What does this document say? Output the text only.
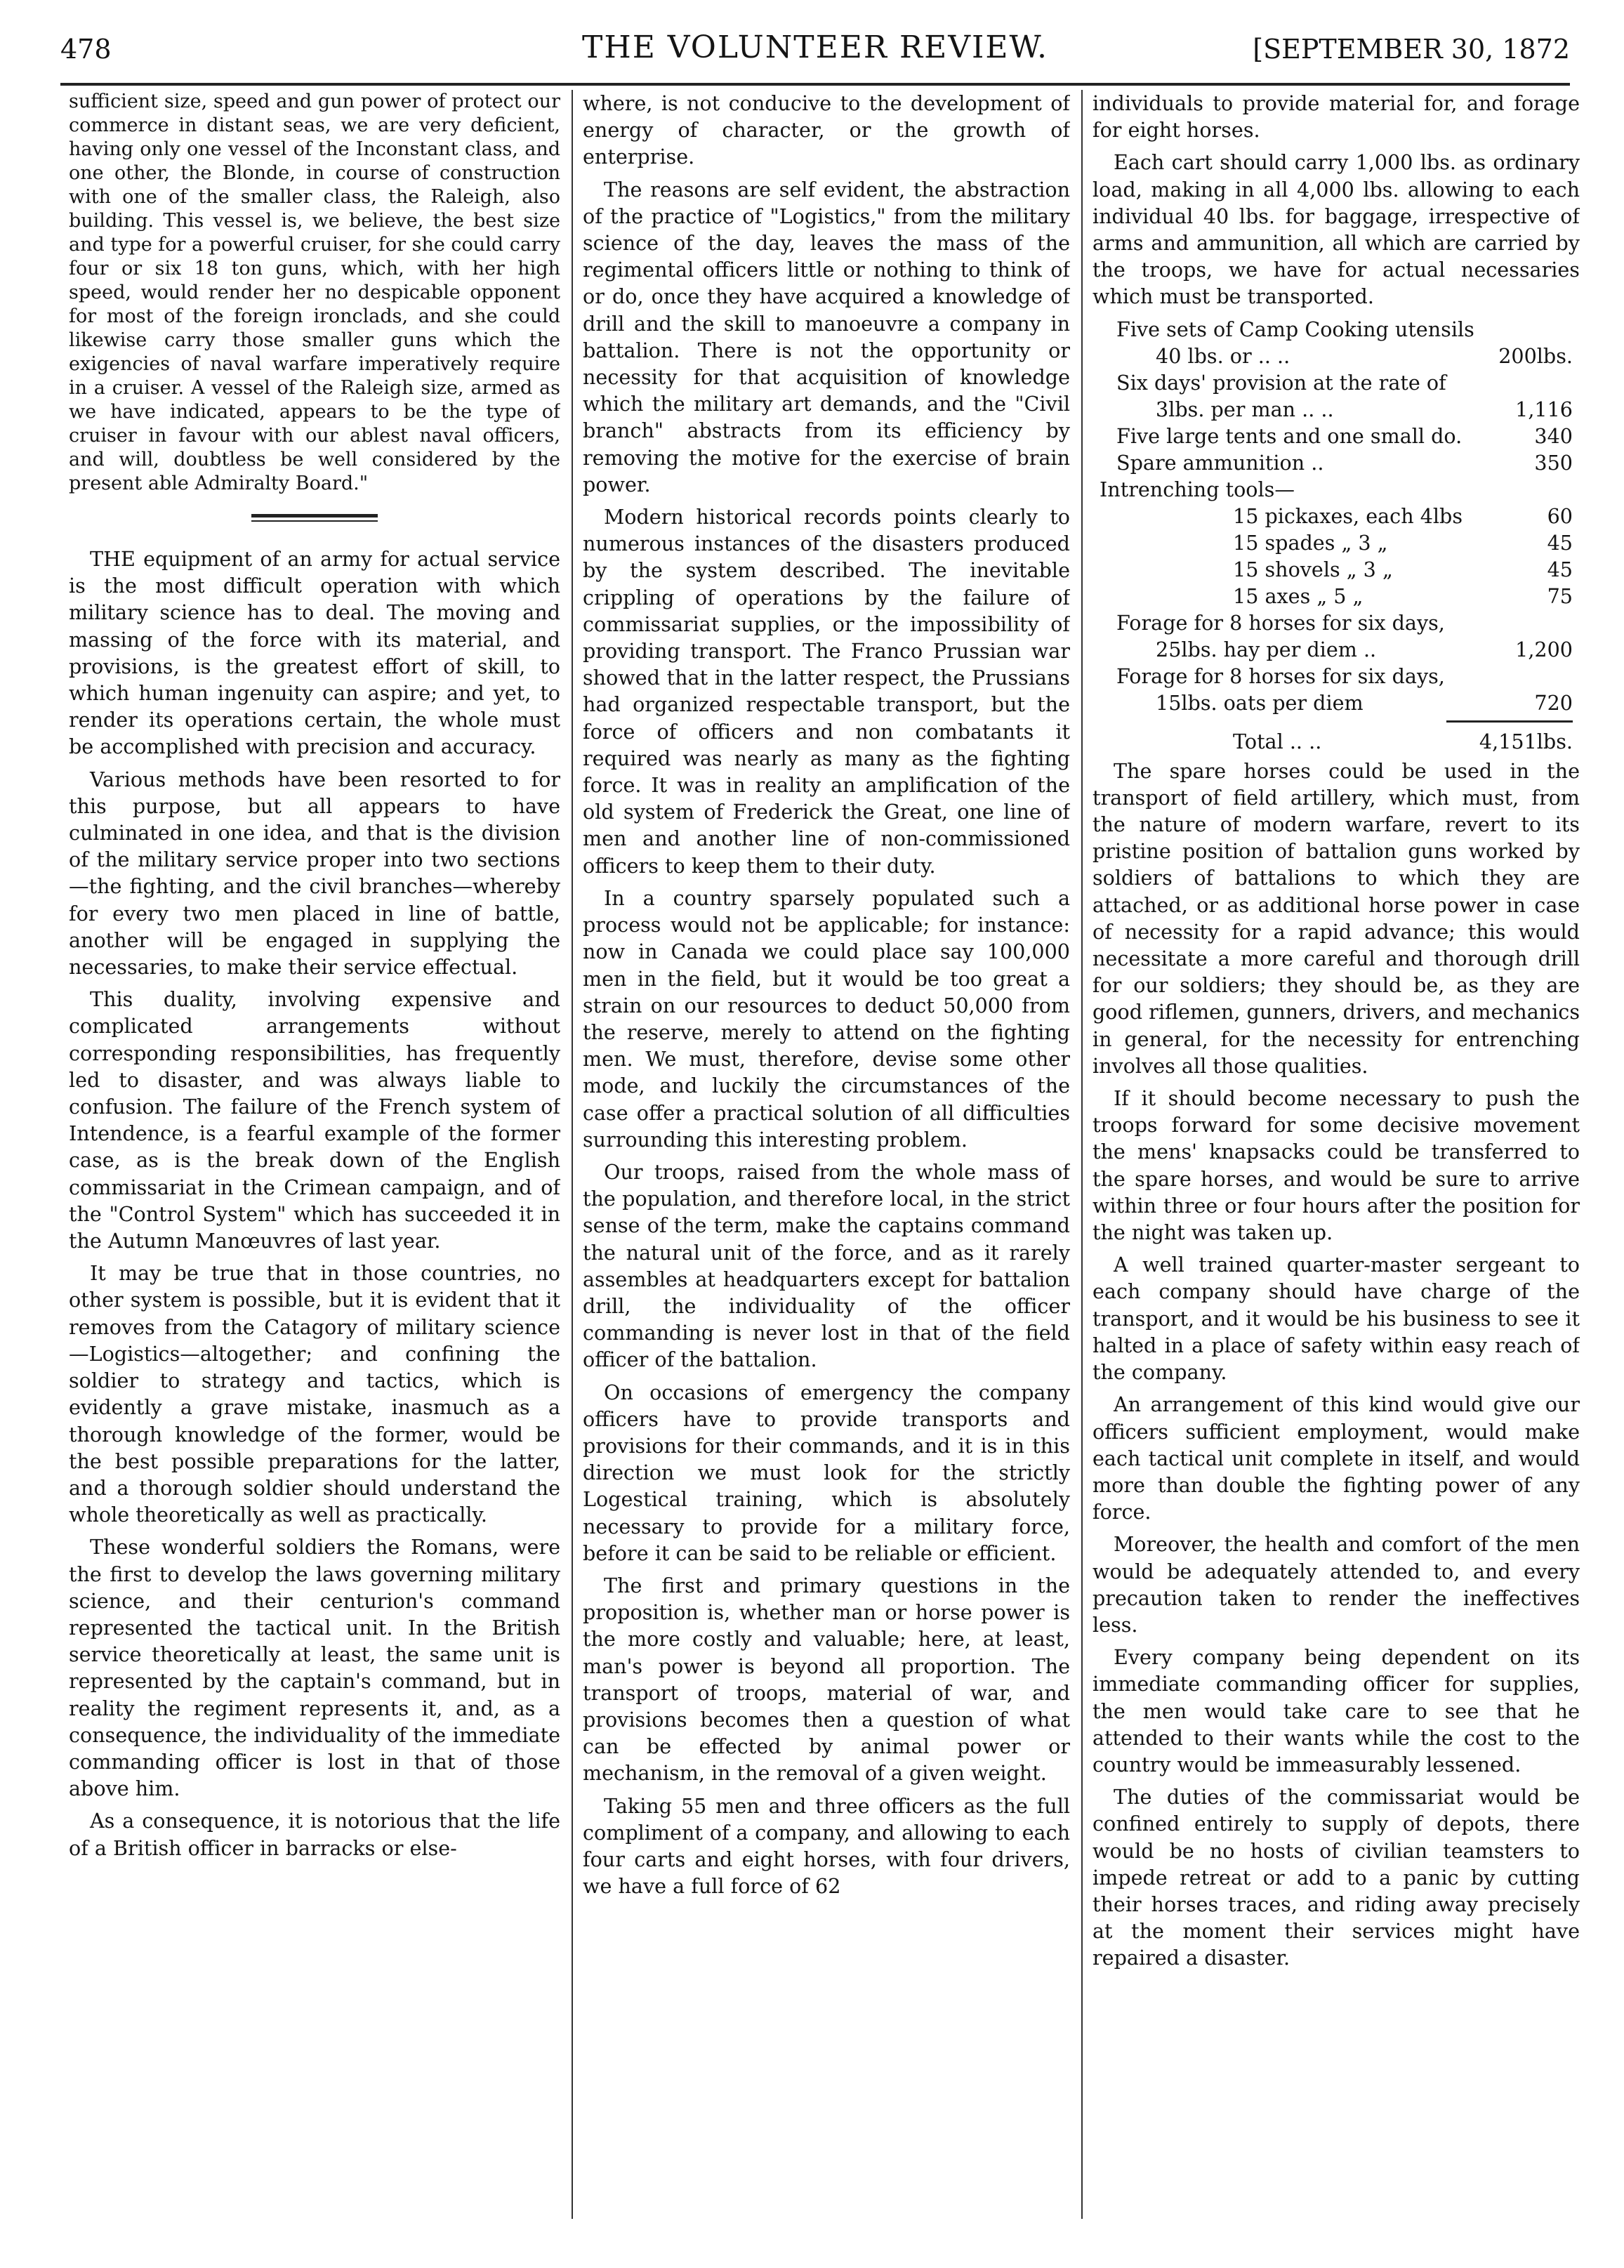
478	THE VOLUNTEER REVIEW.	[SEPTEMBER 30, 1872

sufficient size, speed and gun power of protect our commerce in distant seas, we are very deficient, having only one vessel of the Inconstant class, and one other, the Blonde, in course of construction with one of the smaller class, the Raleigh, also building. This vessel is, we believe, the best size and type for a powerful cruiser, for she could carry four or six 18 ton guns, which, with her high speed, would render her no despicable opponent for most of the foreign ironclads, and she could likewise carry those smaller guns which the exigencies of naval warfare imperatively require in a cruiser. A vessel of the Raleigh size, armed as we have indicated, appears to be the type of cruiser in favour with our ablest naval officers, and will, doubtless be well considered by the present able Admiralty Board."

THE equipment of an army for actual service is the most difficult operation with which military science has to deal. The moving and massing of the force with its material, and provisions, is the greatest effort of skill, to which human ingenuity can aspire; and yet, to render its operations certain, the whole must be accomplished with precision and accuracy.

Various methods have been resorted to for this purpose, but all appears to have culminated in one idea, and that is the division of the military service proper into two sections—the fighting, and the civil branches—whereby for every two men placed in line of battle, another will be engaged in supplying the necessaries, to make their service effectual.

This duality, involving expensive and complicated arrangements without corresponding responsibilities, has frequently led to disaster, and was always liable to confusion. The failure of the French system of Intendence, is a fearful example of the former case, as is the break down of the English commissariat in the Crimean campaign, and of the "Control System" which has succeeded it in the Autumn Manœuvres of last year.

It may be true that in those countries, no other system is possible, but it is evident that it removes from the Catagory of military science—Logistics—altogether; and confining the soldier to strategy and tactics, which is evidently a grave mistake, inasmuch as a thorough knowledge of the former, would be the best possible preparations for the latter, and a thorough soldier should understand the whole theoretically as well as practically.

These wonderful soldiers the Romans, were the first to develop the laws governing military science, and their centurion's command represented the tactical unit. In the British service theoretically at least, the same unit is represented by the captain's command, but in reality the regiment represents it, and, as a consequence, the individuality of the immediate commanding officer is lost in that of those above him.

As a consequence, it is notorious that the life of a British officer in barracks or else-

where, is not conducive to the development of energy of character, or the growth of enterprise.

The reasons are self evident, the abstraction of the practice of "Logistics," from the military science of the day, leaves the mass of the regimental officers little or nothing to think of or do, once they have acquired a knowledge of drill and the skill to manoeuvre a company in battalion. There is not the opportunity or necessity for that acquisition of knowledge which the military art demands, and the "Civil branch" abstracts from its efficiency by removing the motive for the exercise of brain power.

Modern historical records points clearly to numerous instances of the disasters produced by the system described. The inevitable crippling of operations by the failure of commissariat supplies, or the impossibility of providing transport. The Franco Prussian war showed that in the latter respect, the Prussians had organized respectable transport, but the force of officers and non combatants it required was nearly as many as the fighting force. It was in reality an amplification of the old system of Frederick the Great, one line of men and another line of non-commissioned officers to keep them to their duty.

In a country sparsely populated such a process would not be applicable; for instance: now in Canada we could place say 100,000 men in the field, but it would be too great a strain on our resources to deduct 50,000 from the reserve, merely to attend on the fighting men. We must, therefore, devise some other mode, and luckily the circumstances of the case offer a practical solution of all difficulties surrounding this interesting problem.

Our troops, raised from the whole mass of the population, and therefore local, in the strict sense of the term, make the captains command the natural unit of the force, and as it rarely assembles at headquarters except for battalion drill, the individuality of the officer commanding is never lost in that of the field officer of the battalion.

On occasions of emergency the company officers have to provide transports and provisions for their commands, and it is in this direction we must look for the strictly Logestical training, which is absolutely necessary to provide for a military force, before it can be said to be reliable or efficient.

The first and primary questions in the proposition is, whether man or horse power is the more costly and valuable; here, at least, man's power is beyond all proportion. The transport of troops, material of war, and provisions becomes then a question of what can be effected by animal power or mechanism, in the removal of a given weight.

Taking 55 men and three officers as the full compliment of a company, and allowing to each four carts and eight horses, with four drivers, we have a full force of 62

individuals to provide material for, and forage for eight horses.

Each cart should carry 1,000 lbs. as ordinary load, making in all 4,000 lbs. allowing to each individual 40 lbs. for baggage, irrespective of arms and ammunition, all which are carried by the troops, we have for actual necessaries which must be transported.

Five sets of Camp Cooking utensils	
40 lbs. or .. ..	200lbs.
Six days' provision at the rate of	
3lbs. per man .. ..	1,116
Five large tents and one small do.	340
Spare ammunition ..	350
Intrenching tools—	
15 pickaxes, each 4lbs	60
15 spades „ 3 „	45
15 shovels „ 3 „	45
15 axes „ 5 „	75
Forage for 8 horses for six days,	
25lbs. hay per diem ..	1,200
Forage for 8 horses for six days,	
15lbs. oats per diem	720

Total .. ..	4,151lbs.

The spare horses could be used in the transport of field artillery, which must, from the nature of modern warfare, revert to its pristine position of battalion guns worked by soldiers of battalions to which they are attached, or as additional horse power in case of necessity for a rapid advance; this would necessitate a more careful and thorough drill for our soldiers; they should be, as they are good riflemen, gunners, drivers, and mechanics in general, for the necessity for entrenching involves all those qualities.

If it should become necessary to push the troops forward for some decisive movement the mens' knapsacks could be transferred to the spare horses, and would be sure to arrive within three or four hours after the position for the night was taken up.

A well trained quarter-master sergeant to each company should have charge of the transport, and it would be his business to see it halted in a place of safety within easy reach of the company.

An arrangement of this kind would give our officers sufficient employment, would make each tactical unit complete in itself, and would more than double the fighting power of any force.

Moreover, the health and comfort of the men would be adequately attended to, and every precaution taken to render the ineffectives less.

Every company being dependent on its immediate commanding officer for supplies, the men would take care to see that he attended to their wants while the cost to the country would be immeasurably lessened.

The duties of the commissariat would be confined entirely to supply of depots, there would be no hosts of civilian teamsters to impede retreat or add to a panic by cutting their horses traces, and riding away precisely at the moment their services might have repaired a disaster.
